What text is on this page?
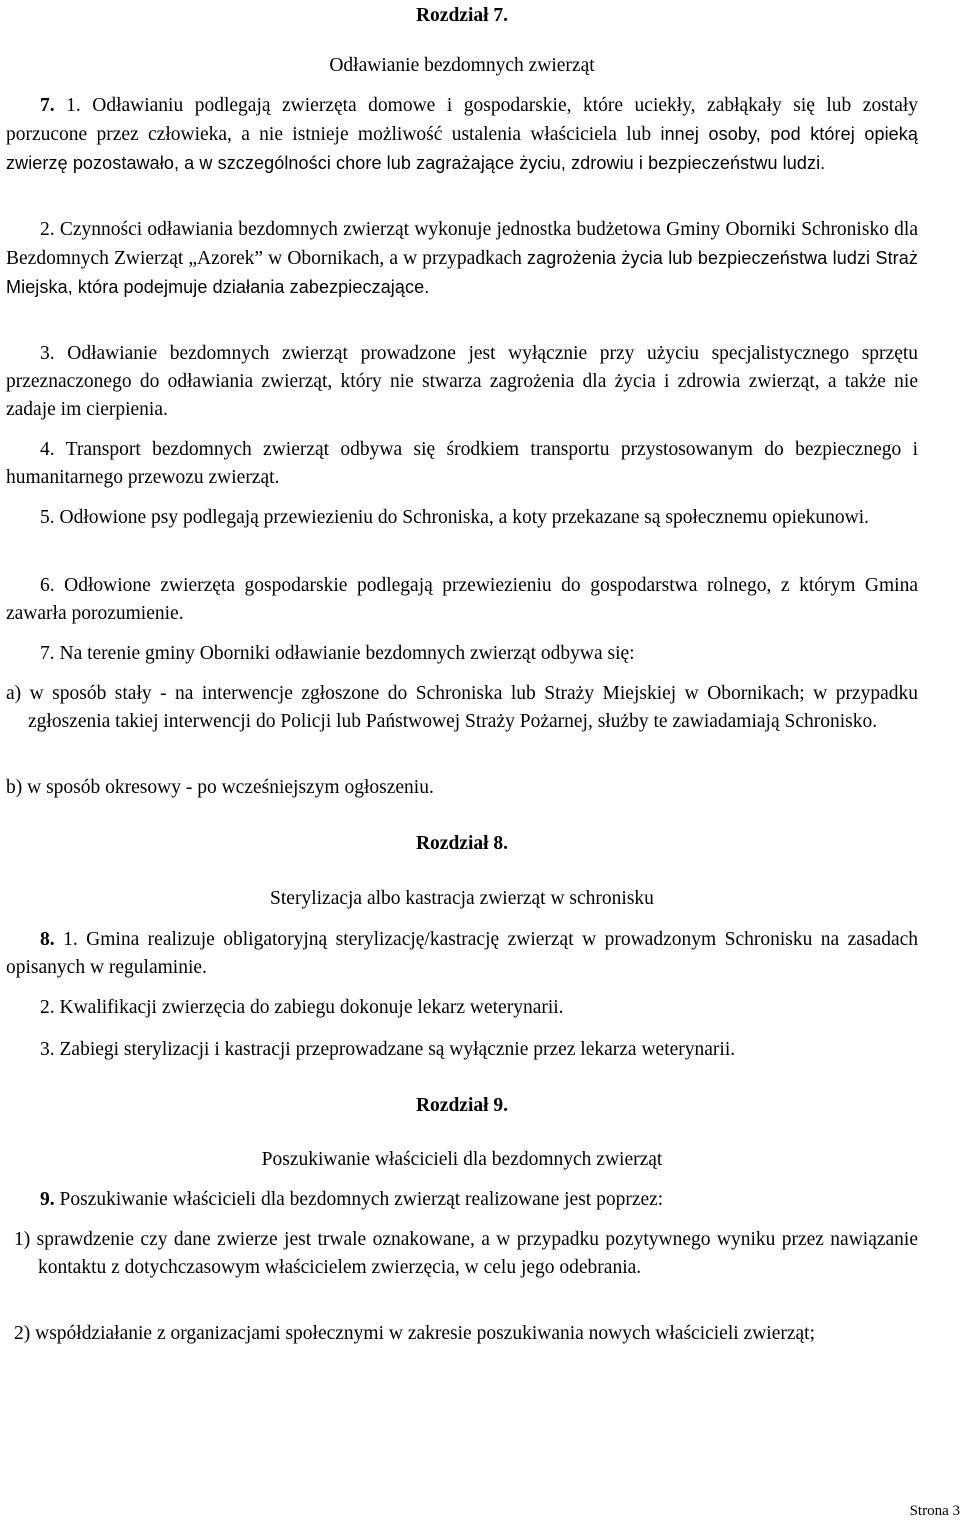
Rozdział 7.

Odławianie bezdomnych zwierząt

7. 1. Odławianiu podlegają zwierzęta domowe i gospodarskie, które uciekły, zabłąkały się lub zostały porzucone przez człowieka, a nie istnieje możliwość ustalenia właściciela lub innej osoby, pod której opieką zwierzę pozostawało, a w szczególności chore lub zagrażające życiu, zdrowiu i bezpieczeństwu ludzi.

2. Czynności odławiania bezdomnych zwierząt wykonuje jednostka budżetowa Gminy Oborniki Schronisko dla Bezdomnych Zwierząt „Azorek” w Obornikach, a w przypadkach zagrożenia życia lub bezpieczeństwa ludzi Straż Miejska, która podejmuje działania zabezpieczające.

3. Odławianie bezdomnych zwierząt prowadzone jest wyłącznie przy użyciu specjalistycznego sprzętu przeznaczonego do odławiania zwierząt, który nie stwarza zagrożenia dla życia i zdrowia zwierząt, a także nie zadaje im cierpienia.

4. Transport bezdomnych zwierząt odbywa się środkiem transportu przystosowanym do bezpiecznego i humanitarnego przewozu zwierząt.

5. Odłowione psy podlegają przewiezieniu do Schroniska, a koty przekazane są społecznemu opiekunowi.

6. Odłowione zwierzęta gospodarskie podlegają przewiezieniu do gospodarstwa rolnego, z którym Gmina zawarła porozumienie.

7. Na terenie gminy Oborniki odławianie bezdomnych zwierząt odbywa się:

a) w sposób stały - na interwencje zgłoszone do Schroniska lub Straży Miejskiej w Obornikach; w przypadku zgłoszenia takiej interwencji do Policji lub Państwowej Straży Pożarnej, służby te zawiadamiają Schronisko.

b) w sposób okresowy - po wcześniejszym ogłoszeniu.

Rozdział 8.

Sterylizacja albo kastracja zwierząt w schronisku

8. 1. Gmina realizuje obligatoryjną sterylizację/kastrację zwierząt w prowadzonym Schronisku na zasadach opisanych w regulaminie.

2. Kwalifikacji zwierzęcia do zabiegu dokonuje lekarz weterynarii.

3. Zabiegi sterylizacji i kastracji przeprowadzane są wyłącznie przez lekarza weterynarii.

Rozdział 9.

Poszukiwanie właścicieli dla bezdomnych zwierząt

9. Poszukiwanie właścicieli dla bezdomnych zwierząt realizowane jest poprzez:

1) sprawdzenie czy dane zwierze jest trwale oznakowane, a w przypadku pozytywnego wyniku przez nawiązanie kontaktu z dotychczasowym właścicielem zwierzęcia, w celu jego odebrania.

2) współdziałanie z organizacjami społecznymi w zakresie poszukiwania nowych właścicieli zwierząt;

Strona 3
